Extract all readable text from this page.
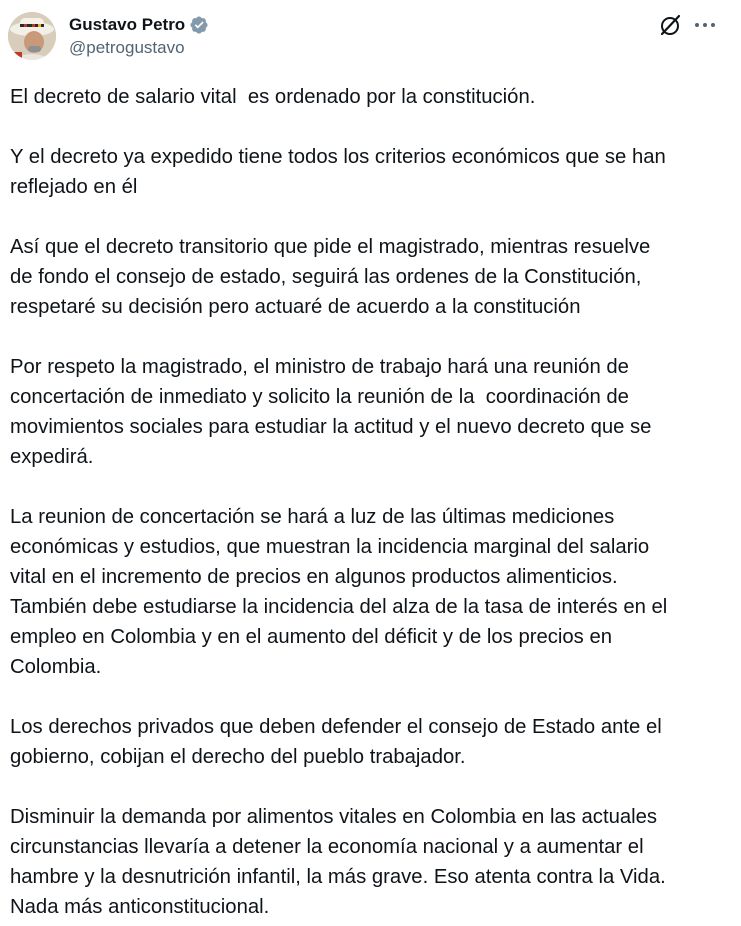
Gustavo Petro
@petrogustavo

El decreto de salario vital  es ordenado por la constitución.

Y el decreto ya expedido tiene todos los criterios económicos que se han
reflejado en él

Así que el decreto transitorio que pide el magistrado, mientras resuelve
de fondo el consejo de estado, seguirá las ordenes de la Constitución,
respetaré su decisión pero actuaré de acuerdo a la constitución

Por respeto la magistrado, el ministro de trabajo hará una reunión de
concertación de inmediato y solicito la reunión de la  coordinación de
movimientos sociales para estudiar la actitud y el nuevo decreto que se
expedirá.

La reunion de concertación se hará a luz de las últimas mediciones
económicas y estudios, que muestran la incidencia marginal del salario
vital en el incremento de precios en algunos productos alimenticios.
También debe estudiarse la incidencia del alza de la tasa de interés en el
empleo en Colombia y en el aumento del déficit y de los precios en
Colombia.

Los derechos privados que deben defender el consejo de Estado ante el
gobierno, cobijan el derecho del pueblo trabajador.

Disminuir la demanda por alimentos vitales en Colombia en las actuales
circunstancias llevaría a detener la economía nacional y a aumentar el
hambre y la desnutrición infantil, la más grave. Eso atenta contra la Vida.
Nada más anticonstitucional.
